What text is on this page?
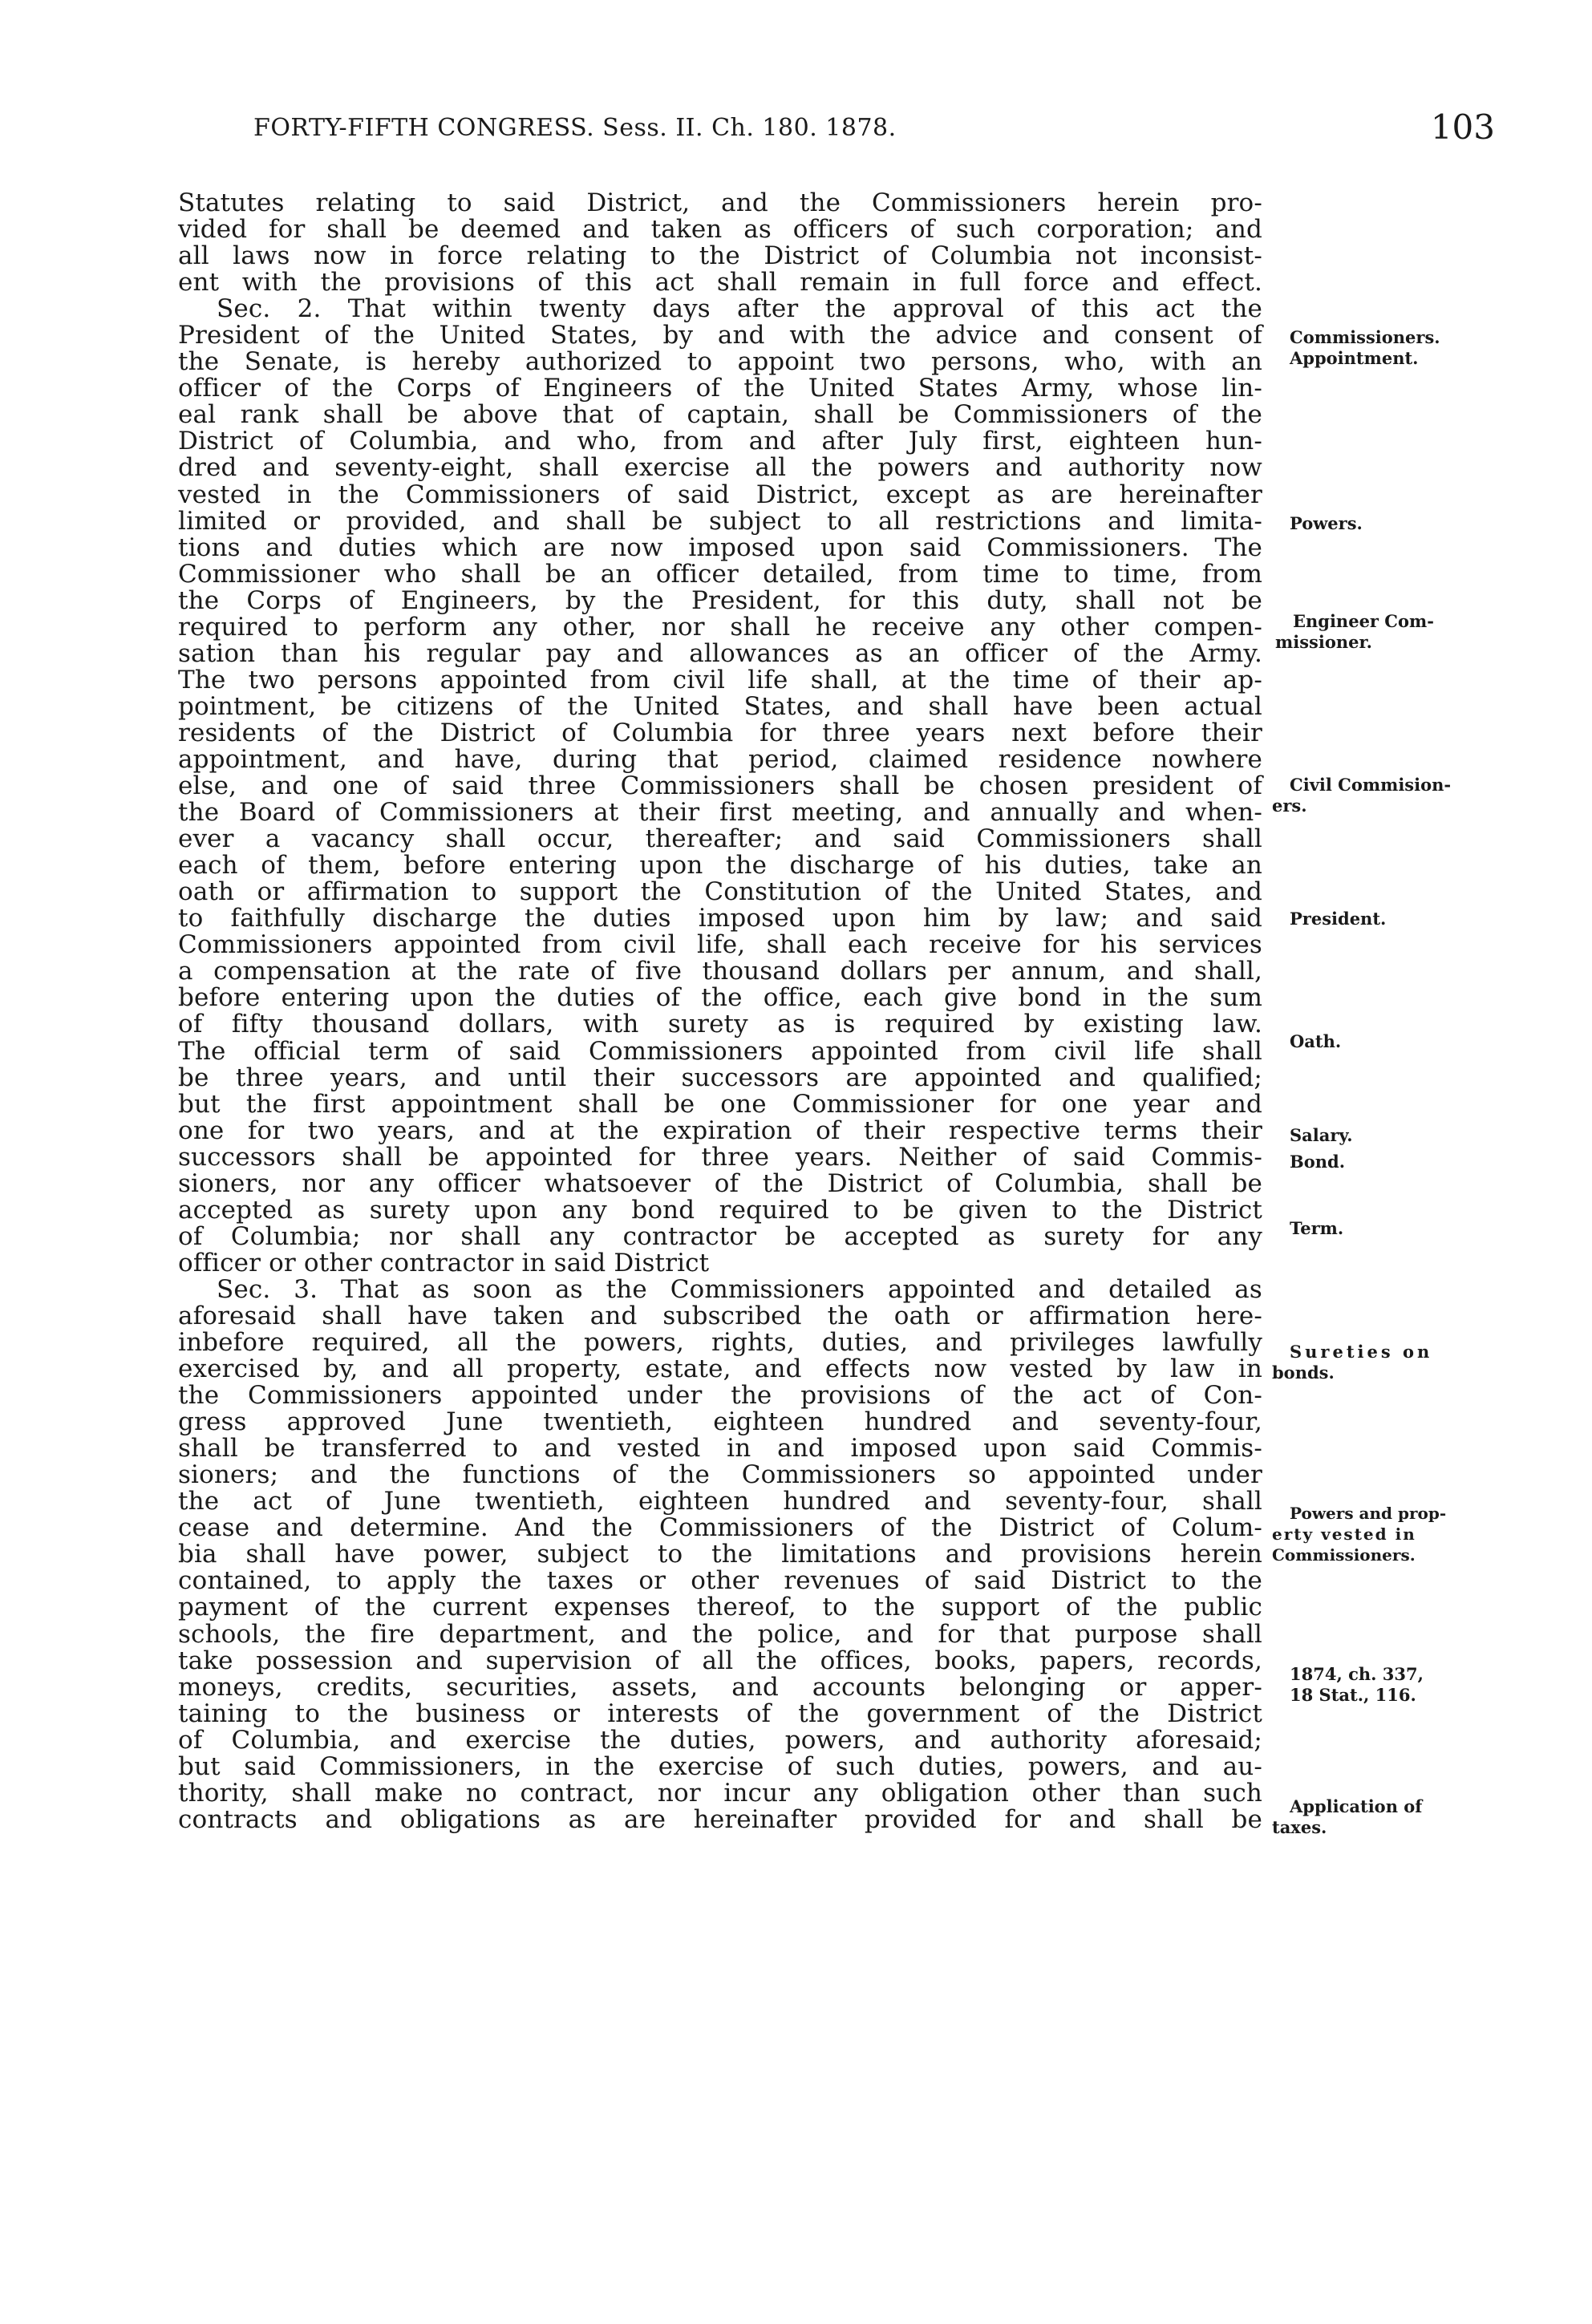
FORTY-FIFTH CONGRESS. Sess. II. Ch. 180. 1878.	103
Statutes relating to said District, and the Commissioners herein pro-
vided for shall be deemed and taken as officers of such corporation; and
all laws now in force relating to the District of Columbia not inconsist-
ent with the provisions of this act shall remain in full force and effect.
Sec. 2. That within twenty days after the approval of this act the
President of the United States, by and with the advice and consent of
the Senate, is hereby authorized to appoint two persons, who, with an
officer of the Corps of Engineers of the United States Army, whose lin-
eal rank shall be above that of captain, shall be Commissioners of the
District of Columbia, and who, from and after July first, eighteen hun-
dred and seventy-eight, shall exercise all the powers and authority now
vested in the Commissioners of said District, except as are hereinafter
limited or provided, and shall be subject to all restrictions and limita-
tions and duties which are now imposed upon said Commissioners. The
Commissioner who shall be an officer detailed, from time to time, from
the Corps of Engineers, by the President, for this duty, shall not be
required to perform any other, nor shall he receive any other compen-
sation than his regular pay and allowances as an officer of the Army.
The two persons appointed from civil life shall, at the time of their ap-
pointment, be citizens of the United States, and shall have been actual
residents of the District of Columbia for three years next before their
appointment, and have, during that period, claimed residence nowhere
else, and one of said three Commissioners shall be chosen president of
the Board of Commissioners at their first meeting, and annually and when-
ever a vacancy shall occur, thereafter; and said Commissioners shall
each of them, before entering upon the discharge of his duties, take an
oath or affirmation to support the Constitution of the United States, and
to faithfully discharge the duties imposed upon him by law; and said
Commissioners appointed from civil life, shall each receive for his services
a compensation at the rate of five thousand dollars per annum, and shall,
before entering upon the duties of the office, each give bond in the sum
of fifty thousand dollars, with surety as is required by existing law.
The official term of said Commissioners appointed from civil life shall
be three years, and until their successors are appointed and qualified;
but the first appointment shall be one Commissioner for one year and
one for two years, and at the expiration of their respective terms their
successors shall be appointed for three years. Neither of said Commis-
sioners, nor any officer whatsoever of the District of Columbia, shall be
accepted as surety upon any bond required to be given to the District
of Columbia; nor shall any contractor be accepted as surety for any
officer or other contractor in said District
Sec. 3. That as soon as the Commissioners appointed and detailed as
aforesaid shall have taken and subscribed the oath or affirmation here-
inbefore required, all the powers, rights, duties, and privileges lawfully
exercised by, and all property, estate, and effects now vested by law in
the Commissioners appointed under the provisions of the act of Con-
gress approved June twentieth, eighteen hundred and seventy-four,
shall be transferred to and vested in and imposed upon said Commis-
sioners; and the functions of the Commissioners so appointed under
the act of June twentieth, eighteen hundred and seventy-four, shall
cease and determine. And the Commissioners of the District of Colum-
bia shall have power, subject to the limitations and provisions herein
contained, to apply the taxes or other revenues of said District to the
payment of the current expenses thereof, to the support of the public
schools, the fire department, and the police, and for that purpose shall
take possession and supervision of all the offices, books, papers, records,
moneys, credits, securities, assets, and accounts belonging or apper-
taining to the business or interests of the government of the District
of Columbia, and exercise the duties, powers, and authority aforesaid;
but said Commissioners, in the exercise of such duties, powers, and au-
thority, shall make no contract, nor incur any obligation other than such
contracts and obligations as are hereinafter provided for and shall be
Commissioners.
Appointment.
Powers.
Engineer Com-
missioner.
Civil Commision-
ers.
President.
Oath.
Salary.
Bond.
Term.
Sureties on
bonds.
Powers and prop-
erty vested in
Commissioners.
1874, ch. 337,
18 Stat., 116.
Application of
taxes.
